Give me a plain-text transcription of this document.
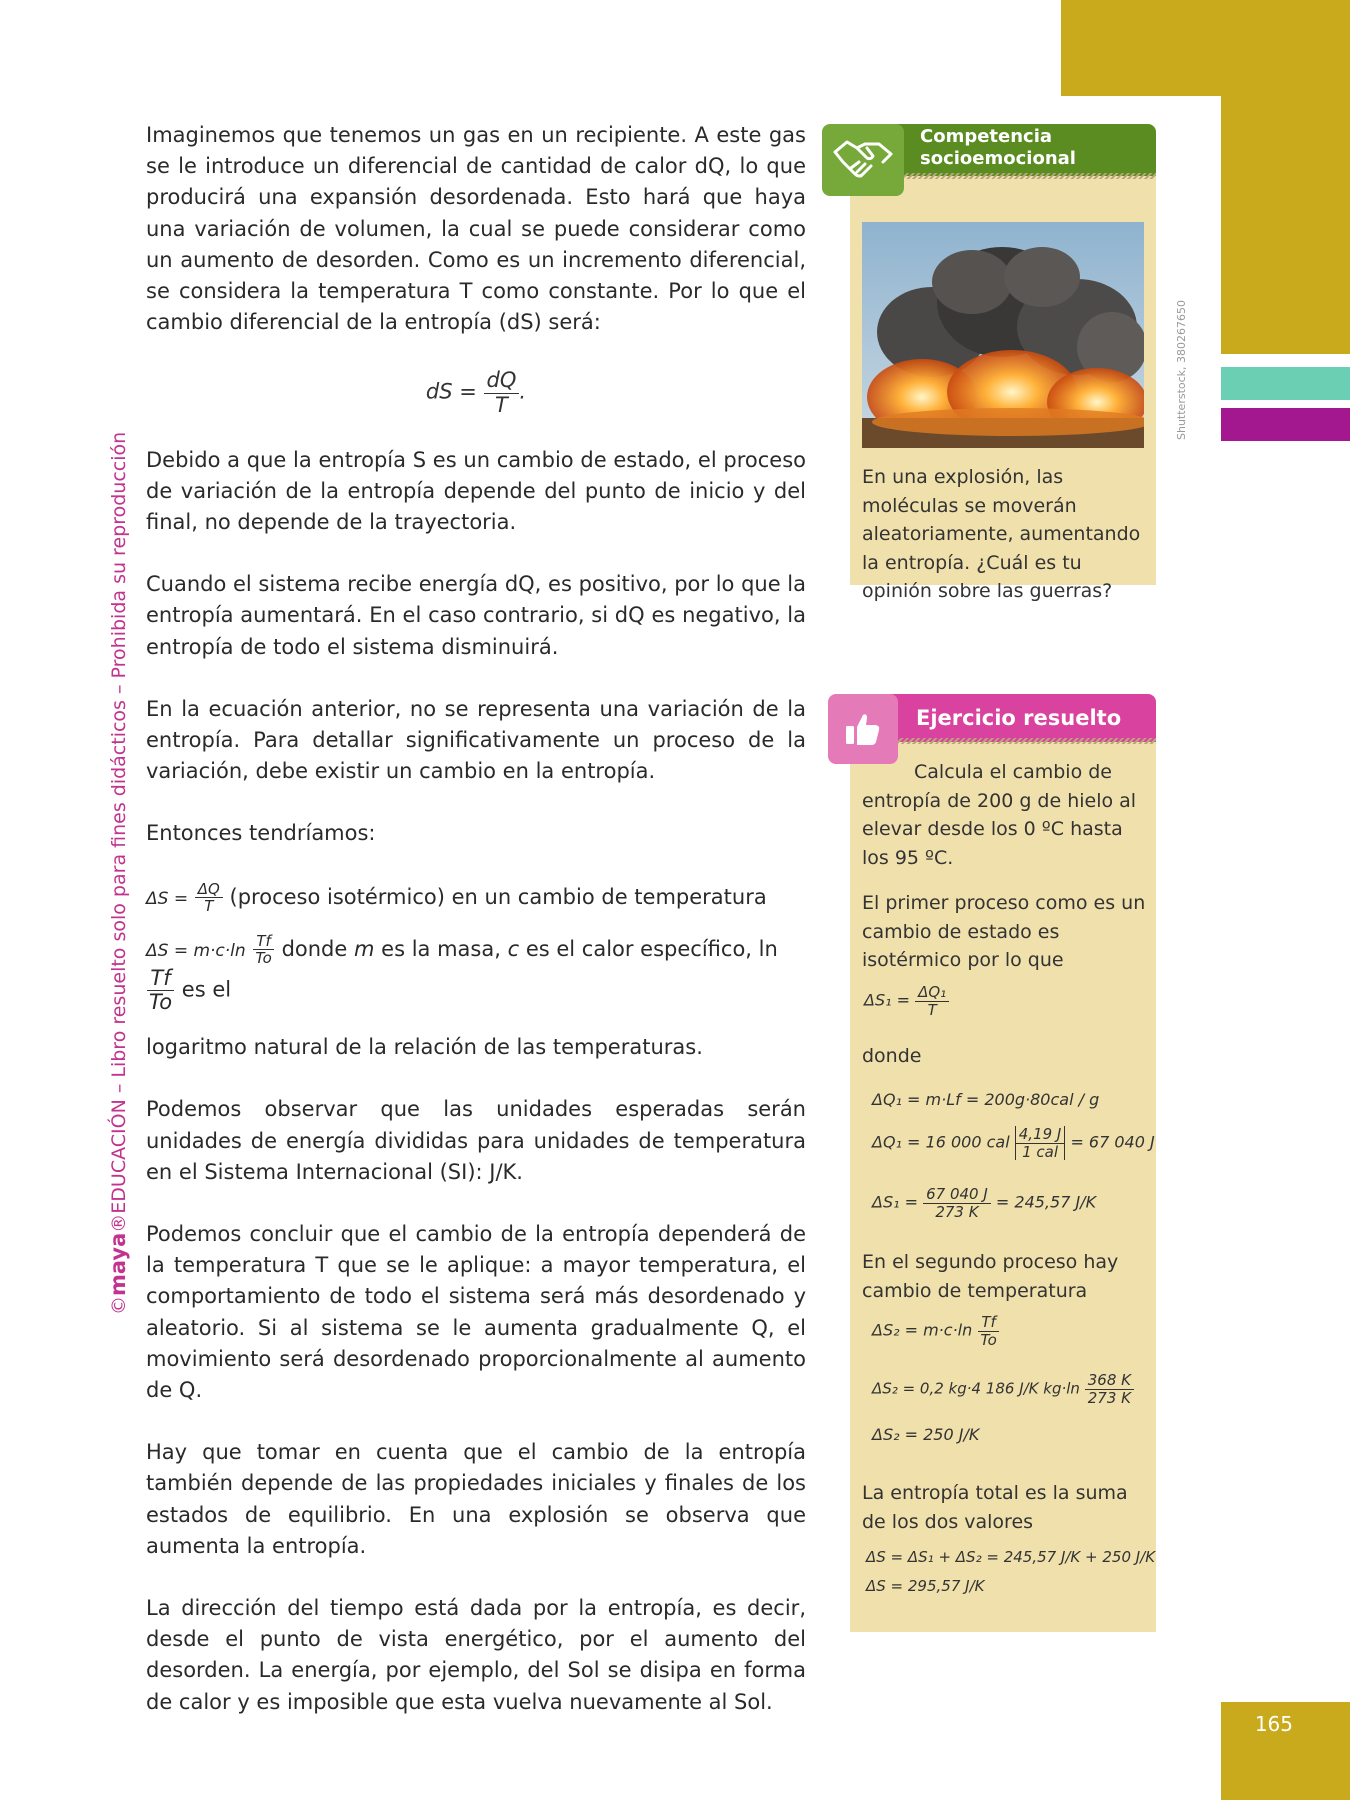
165
©maya®EDUCACIÓN – Libro resuelto solo para fines didácticos – Prohibida su reproducción
Shutterstock, 380267650

Imaginemos que tenemos un gas en un recipiente. A este gas se le introduce un diferencial de cantidad de calor dQ, lo que producirá una expansión desordenada. Esto hará que haya una variación de volumen, la cual se puede considerar como un aumento de desorden. Como es un incremento diferencial, se considera la temperatura T como constante. Por lo que el cambio diferencial de la entropía (dS) será:

dS = $\frac{dQ}{T}$ .

Debido a que la entropía S es un cambio de estado, el proceso de variación de la entropía depende del punto de inicio y del final, no depende de la trayectoria.

Cuando el sistema recibe energía dQ, es positivo, por lo que la entropía aumentará. En el caso contrario, si dQ es negativo, la entropía de todo el sistema disminuirá.

En la ecuación anterior, no se representa una variación de la entropía. Para detallar significativamente un proceso de la variación, debe existir un cambio en la entropía.

Entonces tendríamos:

$\Delta S = \frac{\Delta Q}{T}$ (proceso isotérmico) en un cambio de temperatura
$\Delta S = m\cdot c\cdot\ln \frac{Tf}{To}$ donde m es la masa, c es el calor específico, ln
$\frac{Tf}{To}$ es el

logaritmo natural de la relación de las temperaturas.

Podemos observar que las unidades esperadas serán unidades de energía divididas para unidades de temperatura en el Sistema Internacional (SI): J/K.

Podemos concluir que el cambio de la entropía dependerá de la temperatura T que se le aplique: a mayor temperatura, el comportamiento de todo el sistema será más desordenado y aleatorio. Si al sistema se le aumenta gradualmente Q, el movimiento será desordenado proporcionalmente al aumento de Q.

Hay que tomar en cuenta que el cambio de la entropía también depende de las propiedades iniciales y finales de los estados de equilibrio. En una explosión se observa que aumenta la entropía.

La dirección del tiempo está dada por la entropía, es decir, desde el punto de vista energético, por el aumento del desorden. La energía, por ejemplo, del Sol se disipa en forma de calor y es imposible que esta vuelva nuevamente al Sol.

Competencia
socioemocional
En una explosión, las moléculas se moverán aleatoriamente, aumentando la entropía. ¿Cuál es tu opinión sobre las guerras?
Ejercicio resuelto
Calcula el cambio de entropía de 200 g de hielo al elevar desde los 0 ºC hasta los 95 ºC.
El primer proceso como es un cambio de estado es isotérmico por lo que
$\Delta S_1 = \frac{\text{ΔQ₁}}{T}$
donde
ΔQ₁ = m·Lf = 200g·80cal / g
ΔQ₁ = 16 000 cal $\frac{4,19 J}{\text{1 cal}} = 67$ 040 J
$\Delta S_1 = \frac{67 040 J}{273 K} = 245,57$ J/K
En el segundo proceso hay cambio de temperatura
$\Delta S_2 = m\cdot c\cdot\ln \frac{Tf}{To}$
ΔS₂ = 0,2 kg·4 186 J/K $kg\cdot\ln \frac{368 K}{273 K}$
ΔS₂ = 250 J/K
La entropía total es la suma de los dos valores
ΔS = ΔS₁ + ΔS₂ = 245,57 J/K + 250 J/K
ΔS = 295,57 J/K
